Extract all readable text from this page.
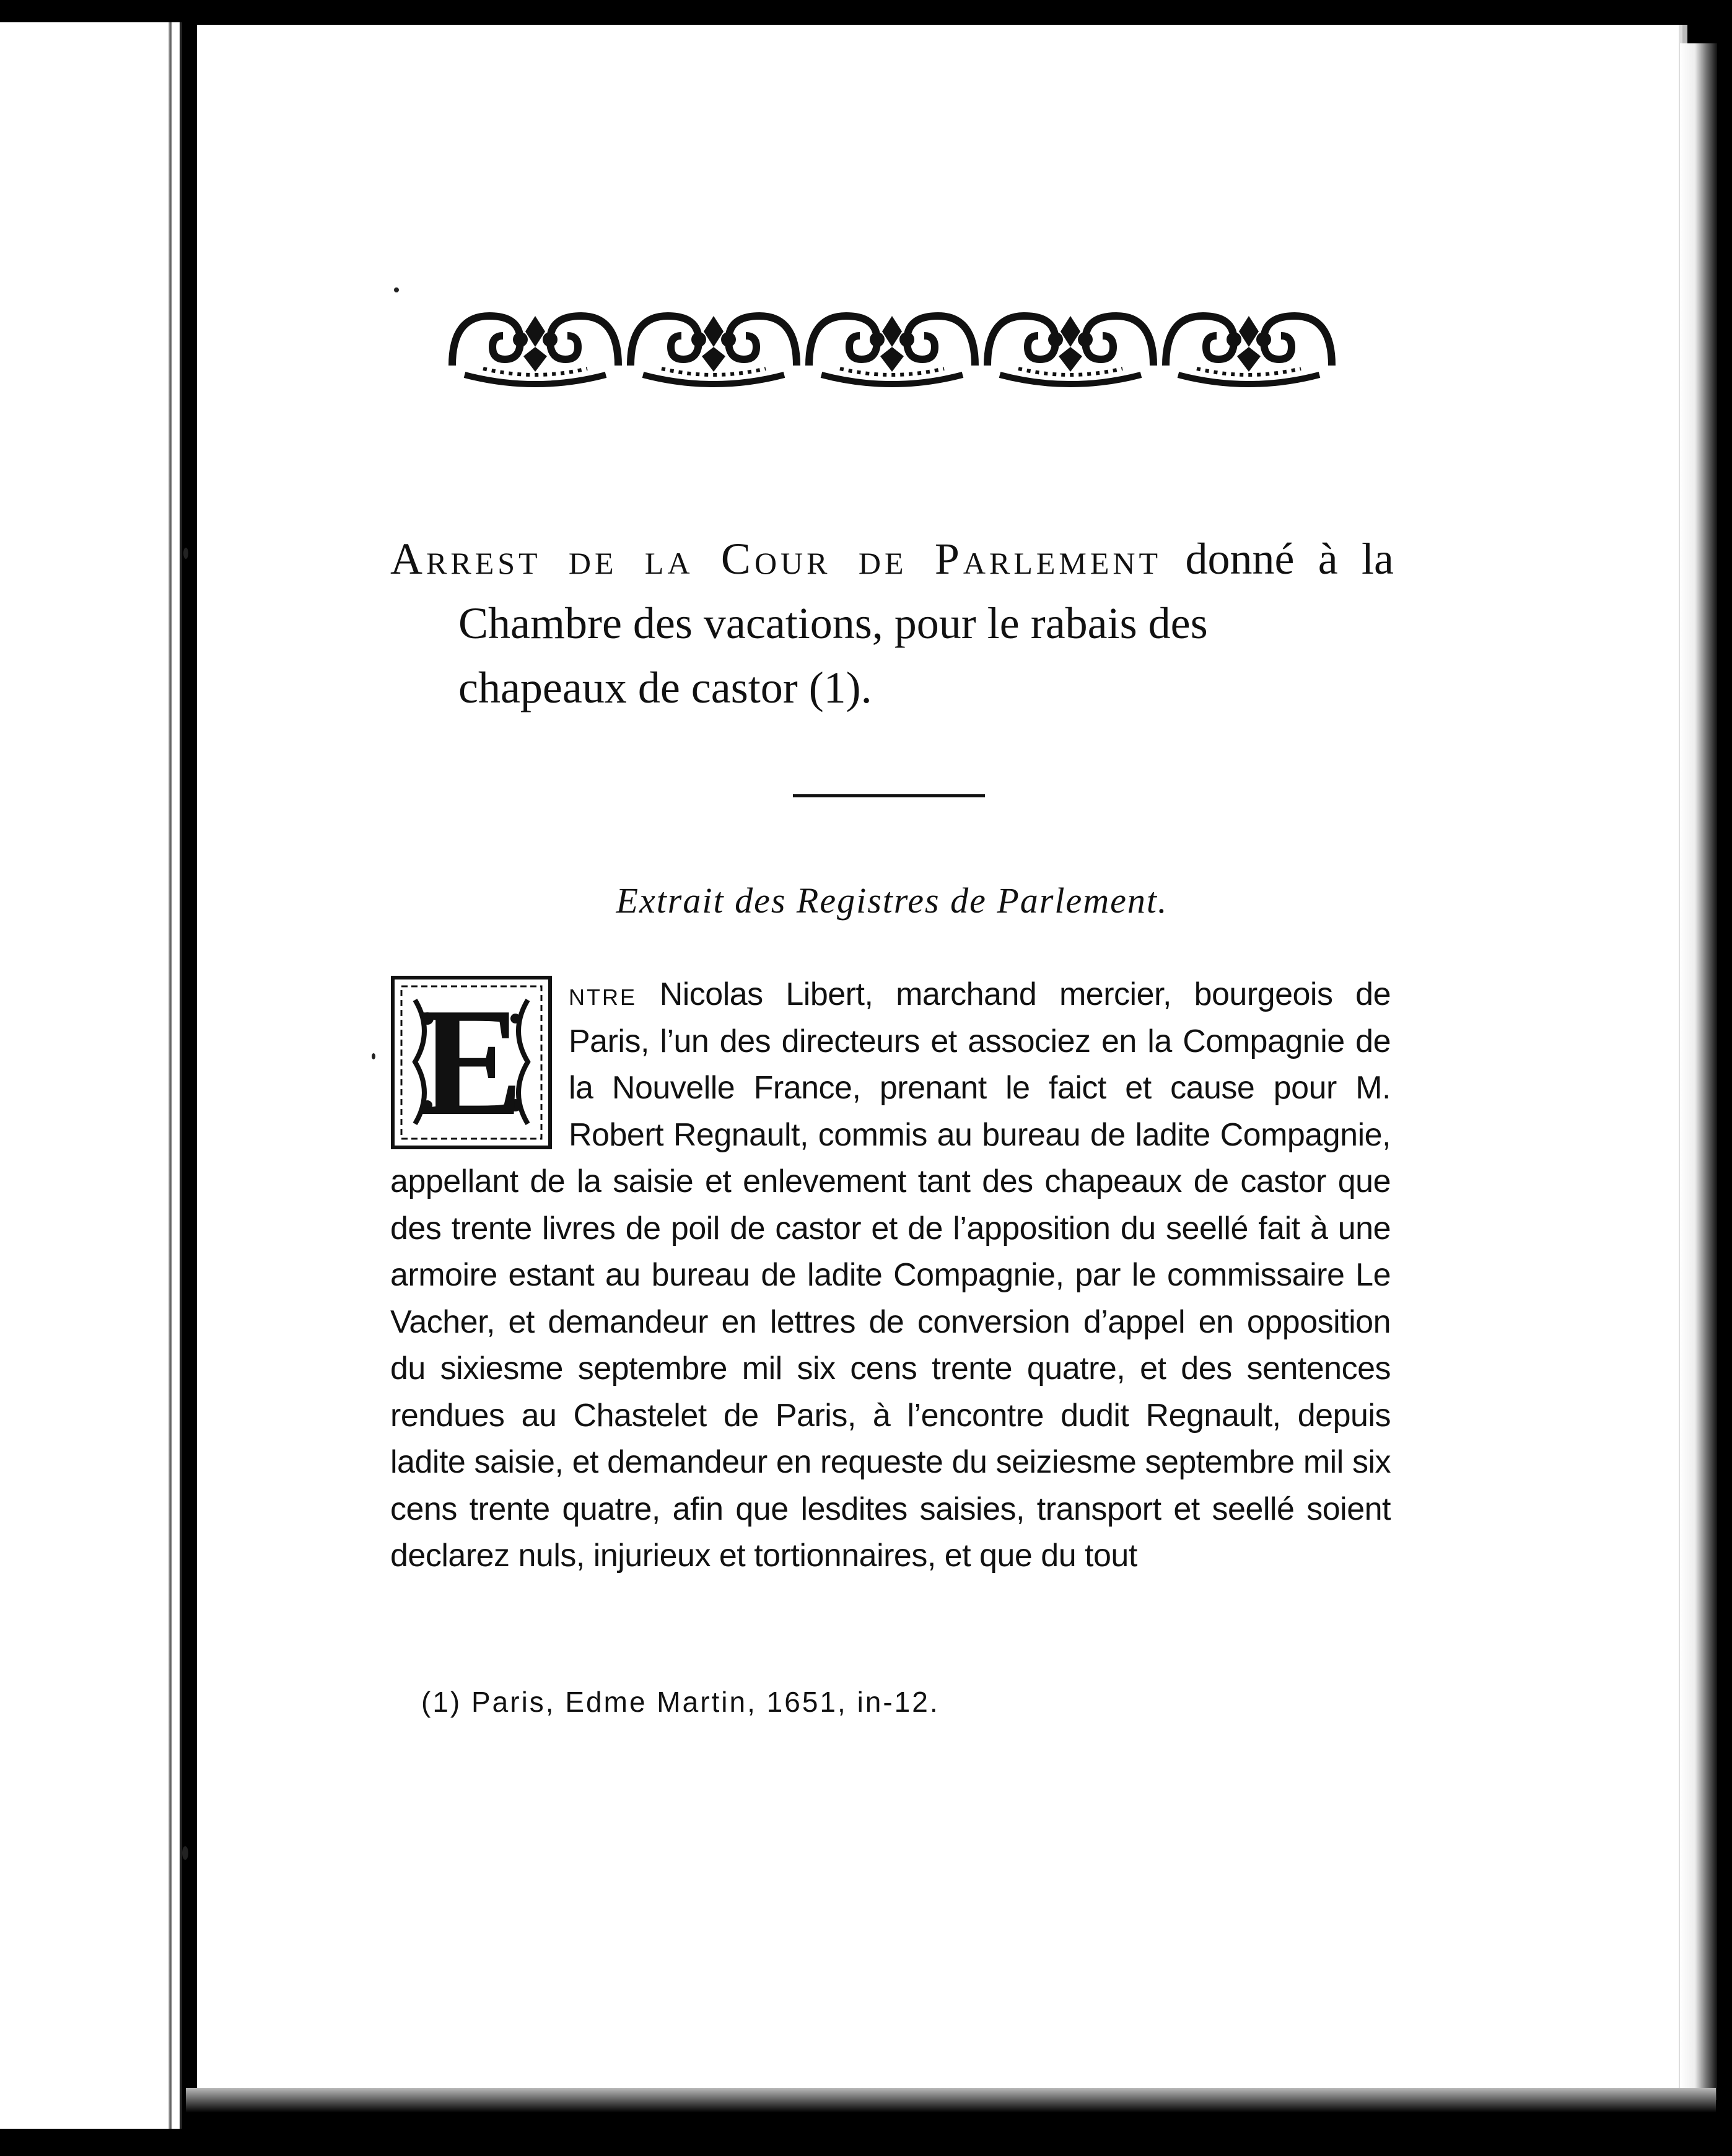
Arrest de la Cour de Parlement donné à la
Chambre des vacations, pour le rabais des
chapeaux de castor (1).
Extrait des Registres de Parlement.
E	ntre Nicolas Libert, marchand mercier, bourgeois de Paris, l’un des directeurs et associez en la Compagnie de la Nouvelle France, prenant le faict et cause pour M. Robert Regnault, commis au bureau de ladite Compagnie, appellant de la saisie et enlevement tant des chapeaux de castor que des trente livres de poil de castor et de l’apposition du seellé fait à une armoire estant au bureau de ladite Compagnie, par le commissaire Le Vacher, et demandeur en lettres de conversion d’appel en opposition du sixiesme septembre mil six cens trente quatre, et des sentences rendues au Chastelet de Paris, à l’encontre dudit Regnault, depuis ladite saisie, et demandeur en requeste du seiziesme septembre mil six cens trente quatre, afin que lesdites saisies, transport et seellé soient declarez nuls, injurieux et tortionnaires, et que du tout
(1) Paris, Edme Martin, 1651, in-12.
